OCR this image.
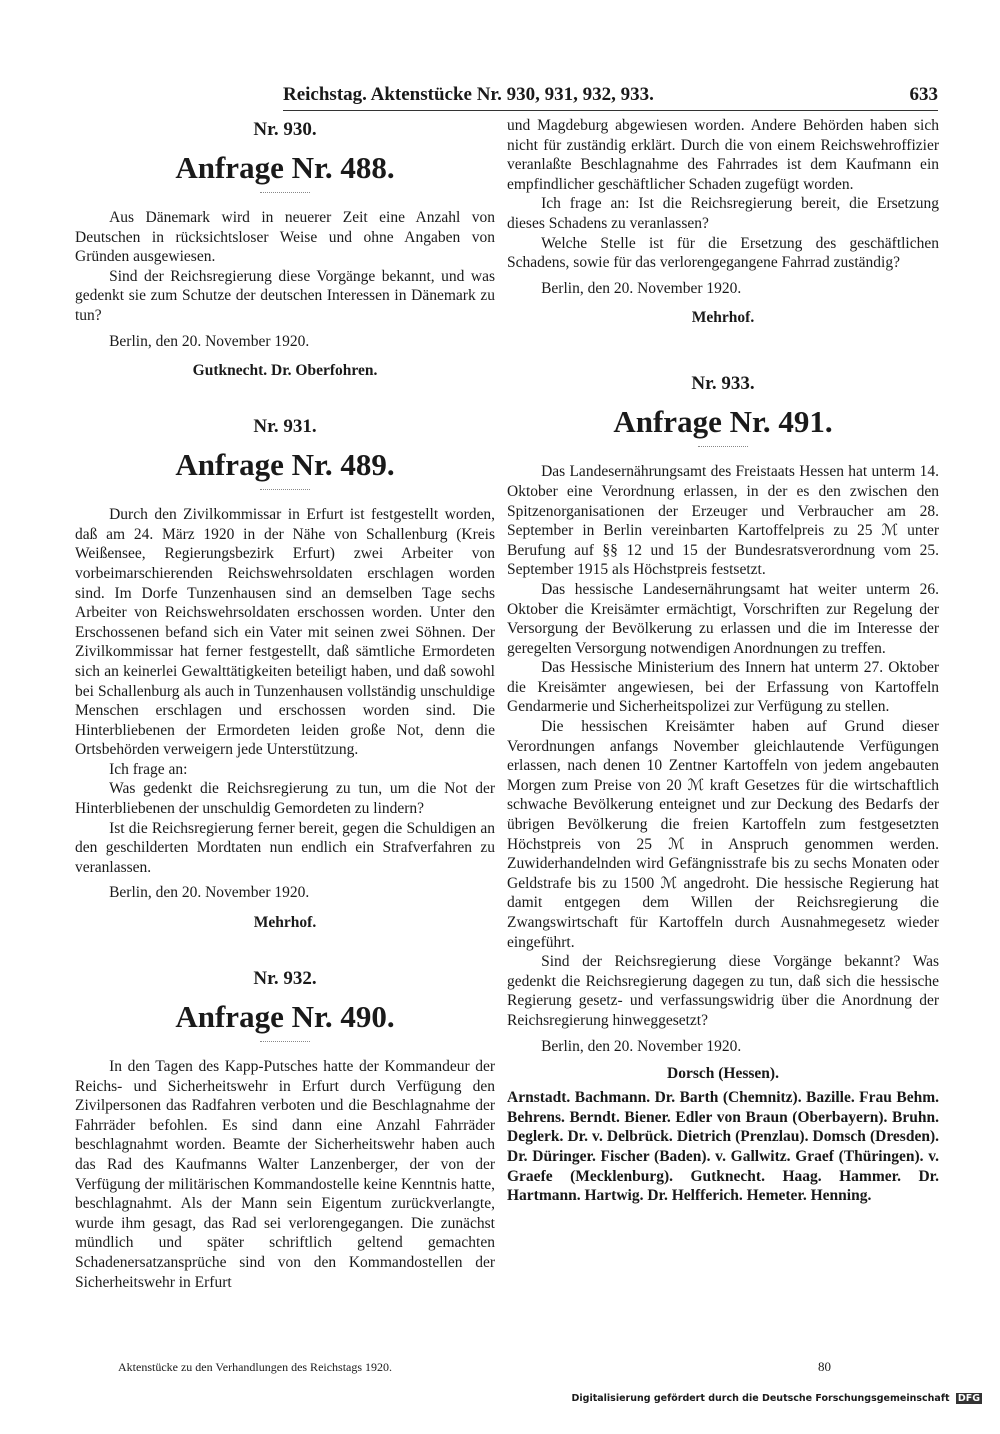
Reichstag. Aktenstücke Nr. 930, 931, 932, 933.	633
Nr. 930.
Anfrage Nr. 488.

Aus Dänemark wird in neuerer Zeit eine Anzahl von Deutschen in rücksichtsloser Weise und ohne Angaben von Gründen ausgewiesen.

Sind der Reichsregierung diese Vorgänge bekannt, und was gedenkt sie zum Schutze der deutschen Interessen in Dänemark zu tun?

Berlin, den 20. November 1920.

Gutknecht. Dr. Oberfohren.
Nr. 931.
Anfrage Nr. 489.

Durch den Zivilkommissar in Erfurt ist festgestellt worden, daß am 24. März 1920 in der Nähe von Schallenburg (Kreis Weißensee, Regierungsbezirk Erfurt) zwei Arbeiter von vorbeimarschierenden Reichswehrsoldaten erschlagen worden sind. Im Dorfe Tunzenhausen sind an demselben Tage sechs Arbeiter von Reichswehrsoldaten erschossen worden. Unter den Erschossenen befand sich ein Vater mit seinen zwei Söhnen. Der Zivilkommissar hat ferner festgestellt, daß sämtliche Ermordeten sich an keinerlei Gewalttätigkeiten beteiligt haben, und daß sowohl bei Schallenburg als auch in Tunzenhausen vollständig unschuldige Menschen erschlagen und erschossen worden sind. Die Hinterbliebenen der Ermordeten leiden große Not, denn die Ortsbehörden verweigern jede Unterstützung.

Ich frage an:

Was gedenkt die Reichsregierung zu tun, um die Not der Hinterbliebenen der unschuldig Gemordeten zu lindern?

Ist die Reichsregierung ferner bereit, gegen die Schuldigen an den geschilderten Mordtaten nun endlich ein Strafverfahren zu veranlassen.

Berlin, den 20. November 1920.

Mehrhof.
Nr. 932.
Anfrage Nr. 490.

In den Tagen des Kapp-Putsches hatte der Kommandeur der Reichs- und Sicherheitswehr in Erfurt durch Verfügung den Zivilpersonen das Radfahren verboten und die Beschlagnahme der Fahrräder befohlen. Es sind dann eine Anzahl Fahrräder beschlagnahmt worden. Beamte der Sicherheitswehr haben auch das Rad des Kaufmanns Walter Lanzenberger, der von der Verfügung der militärischen Kommandostelle keine Kenntnis hatte, beschlagnahmt. Als der Mann sein Eigentum zurückverlangte, wurde ihm gesagt, das Rad sei verlorengegangen. Die zunächst mündlich und später schriftlich geltend gemachten Schadenersatzansprüche sind von den Kommandostellen der Sicherheitswehr in Erfurt

Aktenstücke zu den Verhandlungen des Reichstags 1920.

und Magdeburg abgewiesen worden. Andere Behörden haben sich nicht für zuständig erklärt. Durch die von einem Reichswehroffizier veranlaßte Beschlagnahme des Fahrrades ist dem Kaufmann ein empfindlicher geschäftlicher Schaden zugefügt worden.

Ich frage an: Ist die Reichsregierung bereit, die Ersetzung dieses Schadens zu veranlassen?

Welche Stelle ist für die Ersetzung des geschäftlichen Schadens, sowie für das verlorengegangene Fahrrad zuständig?

Berlin, den 20. November 1920.

Mehrhof.
Nr. 933.
Anfrage Nr. 491.

Das Landesernährungsamt des Freistaats Hessen hat unterm 14. Oktober eine Verordnung erlassen, in der es den zwischen den Spitzenorganisationen der Erzeuger und Verbraucher am 28. September in Berlin vereinbarten Kartoffelpreis zu 25 ℳ unter Berufung auf §§ 12 und 15 der Bundesratsverordnung vom 25. September 1915 als Höchstpreis festsetzt.

Das hessische Landesernährungsamt hat weiter unterm 26. Oktober die Kreisämter ermächtigt, Vorschriften zur Regelung der Versorgung der Bevölkerung zu erlassen und die im Interesse der geregelten Versorgung notwendigen Anordnungen zu treffen.

Das Hessische Ministerium des Innern hat unterm 27. Oktober die Kreisämter angewiesen, bei der Erfassung von Kartoffeln Gendarmerie und Sicherheitspolizei zur Verfügung zu stellen.

Die hessischen Kreisämter haben auf Grund dieser Verordnungen anfangs November gleichlautende Verfügungen erlassen, nach denen 10 Zentner Kartoffeln von jedem angebauten Morgen zum Preise von 20 ℳ kraft Gesetzes für die wirtschaftlich schwache Bevölkerung enteignet und zur Deckung des Bedarfs der übrigen Bevölkerung die freien Kartoffeln zum festgesetzten Höchstpreis von 25 ℳ in Anspruch genommen werden. Zuwiderhandelnden wird Gefängnisstrafe bis zu sechs Monaten oder Geldstrafe bis zu 1500 ℳ angedroht. Die hessische Regierung hat damit entgegen dem Willen der Reichsregierung die Zwangswirtschaft für Kartoffeln durch Ausnahmegesetz wieder eingeführt.

Sind der Reichsregierung diese Vorgänge bekannt? Was gedenkt die Reichsregierung dagegen zu tun, daß sich die hessische Regierung gesetz- und verfassungswidrig über die Anordnung der Reichsregierung hinweggesetzt?

Berlin, den 20. November 1920.

Dorsch (Hessen).
Arnstadt. Bachmann. Dr. Barth (Chemnitz). Bazille. Frau Behm. Behrens. Berndt. Biener. Edler von Braun (Oberbayern). Bruhn. Deglerk. Dr. v. Delbrück. Dietrich (Prenzlau). Domsch (Dresden). Dr. Düringer. Fischer (Baden). v. Gallwitz. Graef (Thüringen). v. Graefe (Mecklenburg). Gutknecht. Haag. Hammer. Dr. Hartmann. Hartwig. Dr. Helfferich. Hemeter. Henning.
80
Digitalisierung gefördert durch die Deutsche Forschungsgemeinschaft DFG
